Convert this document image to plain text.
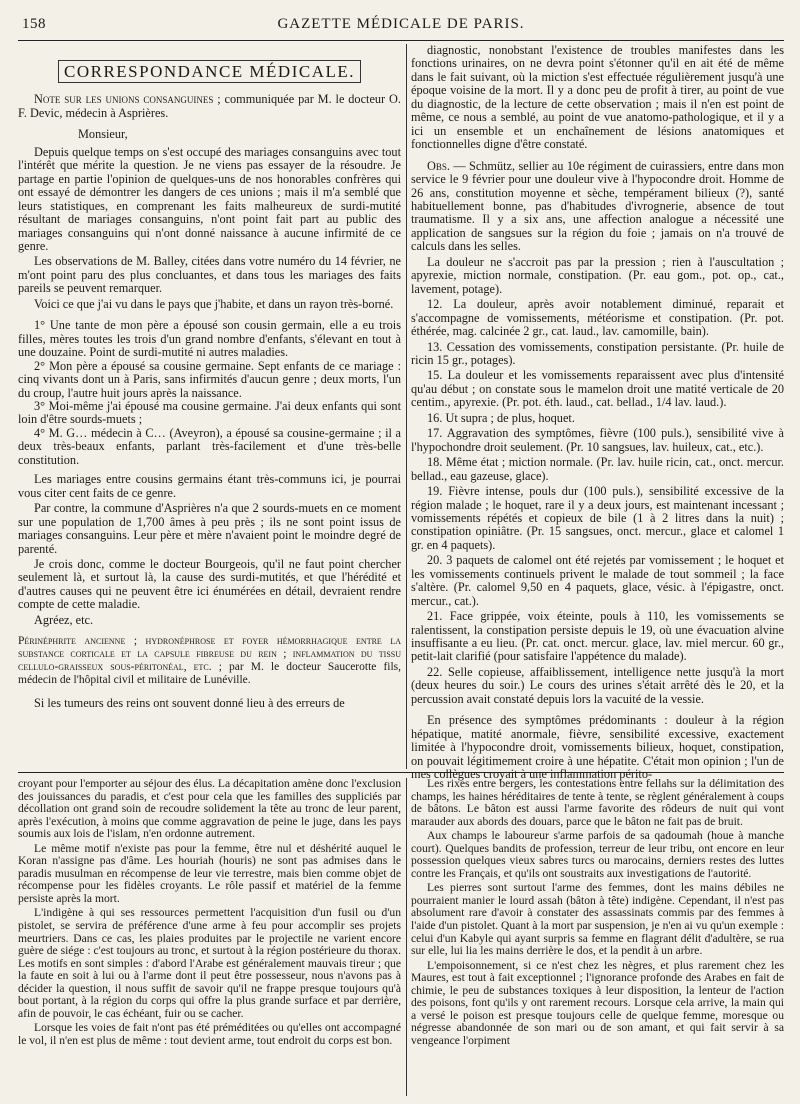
158	GAZETTE MÉDICALE DE PARIS.
CORRESPONDANCE MÉDICALE.

Note sur les unions consanguines ; communiquée par M. le docteur O. F. Devic, médecin à Asprières.

Monsieur,

Depuis quelque temps on s'est occupé des mariages consanguins avec tout l'intérêt que mérite la question. Je ne viens pas essayer de la résoudre. Je partage en partie l'opinion de quelques-uns de nos honorables confrères qui ont essayé de démontrer les dangers de ces unions ; mais il m'a semblé que leurs statistiques, en comprenant les faits malheureux de surdi-mutité résultant de mariages consanguins, n'ont point fait part au public des mariages consanguins qui n'ont donné naissance à aucune infirmité de ce genre.

Les observations de M. Balley, citées dans votre numéro du 14 février, ne m'ont point paru des plus concluantes, et dans tous les mariages des faits pareils se peuvent remarquer.

Voici ce que j'ai vu dans le pays que j'habite, et dans un rayon très-borné.

1° Une tante de mon père a épousé son cousin germain, elle a eu trois filles, mères toutes les trois d'un grand nombre d'enfants, s'élevant en tout à une douzaine. Point de surdi-mutité ni autres maladies.

2° Mon père a épousé sa cousine germaine. Sept enfants de ce mariage : cinq vivants dont un à Paris, sans infirmités d'aucun genre ; deux morts, l'un du croup, l'autre huit jours après la naissance.

3° Moi-même j'ai épousé ma cousine germaine. J'ai deux enfants qui sont loin d'être sourds-muets ;

4° M. G… médecin à C… (Aveyron), a épousé sa cousine-germaine ; il a deux très-beaux enfants, parlant très-facilement et d'une très-belle constitution.

Les mariages entre cousins germains étant très-communs ici, je pourrai vous citer cent faits de ce genre.

Par contre, la commune d'Asprières n'a que 2 sourds-muets en ce moment sur une population de 1,700 âmes à peu près ; ils ne sont point issus de mariages consanguins. Leur père et mère n'avaient point le moindre degré de parenté.

Je crois donc, comme le docteur Bourgeois, qu'il ne faut point chercher seulement là, et surtout là, la cause des surdi-mutités, et que l'hérédité et d'autres causes qui ne peuvent être ici énumérées en détail, devraient rendre compte de cette maladie.

Agréez, etc.

Périnéphrite ancienne ; hydronéphrose et foyer hémorrhagique entre la substance corticale et la capsule fibreuse du rein ; inflammation du tissu cellulo-graisseux sous-péritonéal, etc. ; par M. le docteur Saucerotte fils, médecin de l'hôpital civil et militaire de Lunéville.

Si les tumeurs des reins ont souvent donné lieu à des erreurs de

diagnostic, nonobstant l'existence de troubles manifestes dans les fonctions urinaires, on ne devra point s'étonner qu'il en ait été de même dans le fait suivant, où la miction s'est effectuée régulièrement jusqu'à une époque voisine de la mort. Il y a donc peu de profit à tirer, au point de vue du diagnostic, de la lecture de cette observation ; mais il n'en est point de même, ce nous a semblé, au point de vue anatomo-pathologique, et il y a ici un ensemble et un enchaînement de lésions anatomiques et fonctionnelles digne d'être constaté.

Obs. — Schmütz, sellier au 10e régiment de cuirassiers, entre dans mon service le 9 février pour une douleur vive à l'hypocondre droit. Homme de 26 ans, constitution moyenne et sèche, tempérament bilieux (?), santé habituellement bonne, pas d'habitudes d'ivrognerie, absence de tout traumatisme. Il y a six ans, une affection analogue a nécessité une application de sangsues sur la région du foie ; jamais on n'a trouvé de calculs dans les selles.

La douleur ne s'accroit pas par la pression ; rien à l'auscultation ; apyrexie, miction normale, constipation. (Pr. eau gom., pot. op., cat., lavement, potage).

12. La douleur, après avoir notablement diminué, reparait et s'accompagne de vomissements, météorisme et constipation. (Pr. pot. éthérée, mag. calcinée 2 gr., cat. laud., lav. camomille, bain).

13. Cessation des vomissements, constipation persistante. (Pr. huile de ricin 15 gr., potages).

15. La douleur et les vomissements reparaissent avec plus d'intensité qu'au début ; on constate sous le mamelon droit une matité verticale de 20 centim., apyrexie. (Pr. pot. éth. laud., cat. bellad., 1/4 lav. laud.).

16. Ut supra ; de plus, hoquet.

17. Aggravation des symptômes, fièvre (100 puls.), sensibilité vive à l'hypochondre droit seulement. (Pr. 10 sangsues, lav. huileux, cat., etc.).

18. Même état ; miction normale. (Pr. lav. huile ricin, cat., onct. mercur. bellad., eau gazeuse, glace).

19. Fièvre intense, pouls dur (100 puls.), sensibilité excessive de la région malade ; le hoquet, rare il y a deux jours, est maintenant incessant ; vomissements répétés et copieux de bile (1 à 2 litres dans la nuit) ; constipation opiniâtre. (Pr. 15 sangsues, onct. mercur., glace et calomel 1 gr. en 4 paquets).

20. 3 paquets de calomel ont été rejetés par vomissement ; le hoquet et les vomissements continuels privent le malade de tout sommeil ; la face s'altère. (Pr. calomel 9,50 en 4 paquets, glace, vésic. à l'épigastre, onct. mercur., cat.).

21. Face grippée, voix éteinte, pouls à 110, les vomissements se ralentissent, la constipation persiste depuis le 19, où une évacuation alvine insuffisante a eu lieu. (Pr. cat. onct. mercur. glace, lav. miel mercur. 60 gr., petit-lait clarifié (pour satisfaire l'appétence du malade).

22. Selle copieuse, affaiblissement, intelligence nette jusqu'à la mort (deux heures du soir.) Le cours des urines s'était arrêté dès le 20, et la percussion avait constaté depuis lors la vacuité de la vessie.

En présence des symptômes prédominants : douleur à la région hépatique, matité anormale, fièvre, sensibilité excessive, exactement limitée à l'hypocondre droit, vomissements bilieux, hoquet, constipation, on pouvait légitimement croire à une hépatite. C'était mon opinion ; l'un de mes collègues croyait à une inflammation périto-

croyant pour l'emporter au séjour des élus. La décapitation amène donc l'exclusion des jouissances du paradis, et c'est pour cela que les familles des suppliciés par décollation ont grand soin de recoudre solidement la tête au tronc de leur parent, après l'exécution, à moins que comme aggravation de peine le juge, dans les pays soumis aux lois de l'islam, n'en ordonne autrement.

Le même motif n'existe pas pour la femme, être nul et déshérité auquel le Koran n'assigne pas d'âme. Les houriah (houris) ne sont pas admises dans le paradis musulman en récompense de leur vie terrestre, mais bien comme objet de récompense pour les fidèles croyants. Le rôle passif et matériel de la femme persiste après la mort.

L'indigène à qui ses ressources permettent l'acquisition d'un fusil ou d'un pistolet, se servira de préférence d'une arme à feu pour accomplir ses projets meurtriers. Dans ce cas, les plaies produites par le projectile ne varient encore guère de siége : c'est toujours au tronc, et surtout à la région postérieure du thorax. Les motifs en sont simples : d'abord l'Arabe est généralement mauvais tireur ; que la faute en soit à lui ou à l'arme dont il peut être possesseur, nous n'avons pas à décider la question, il nous suffit de savoir qu'il ne frappe presque toujours qu'à bout portant, à la région du corps qui offre la plus grande surface et par derrière, afin de pouvoir, le cas échéant, fuir ou se cacher.

Lorsque les voies de fait n'ont pas été préméditées ou qu'elles ont accompagné le vol, il n'en est plus de même : tout devient arme, tout endroit du corps est bon.

Les rixes entre bergers, les contestations entre fellahs sur la délimitation des champs, les haines héréditaires de tente à tente, se règlent généralement à coups de bâtons. Le bâton est aussi l'arme favorite des rôdeurs de nuit qui vont marauder aux abords des douars, parce que le bâton ne fait pas de bruit.

Aux champs le laboureur s'arme parfois de sa qadoumah (houe à manche court). Quelques bandits de profession, terreur de leur tribu, ont encore en leur possession quelques vieux sabres turcs ou marocains, derniers restes des luttes contre les Français, et qu'ils ont soustraits aux investigations de l'autorité.

Les pierres sont surtout l'arme des femmes, dont les mains débiles ne pourraient manier le lourd assah (bâton à tête) indigène. Cependant, il n'est pas absolument rare d'avoir à constater des assassinats commis par des femmes à l'aide d'un pistolet. Quant à la mort par suspension, je n'en ai vu qu'un exemple : celui d'un Kabyle qui ayant surpris sa femme en flagrant délit d'adultère, se rua sur elle, lui lia les mains derrière le dos, et la pendit à un arbre.

L'empoisonnement, si ce n'est chez les nègres, et plus rarement chez les Maures, est tout à fait exceptionnel ; l'ignorance profonde des Arabes en fait de chimie, le peu de substances toxiques à leur disposition, la lenteur de l'action des poisons, font qu'ils y ont rarement recours. Lorsque cela arrive, la main qui a versé le poison est presque toujours celle de quelque femme, moresque ou négresse abandonnée de son mari ou de son amant, et qui fait servir à sa vengeance l'orpiment
